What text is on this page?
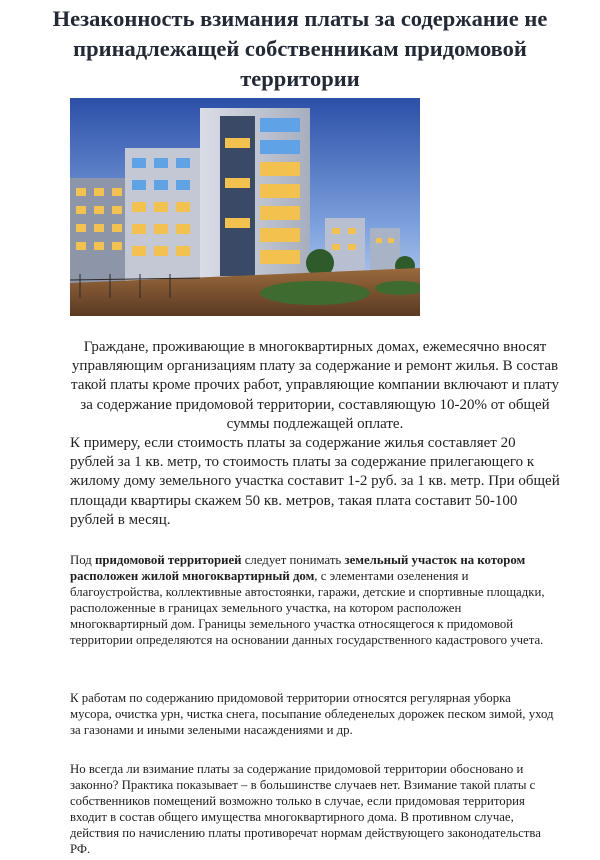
Незаконность взимания платы за содержание не принадлежащей собственникам придомовой территории

Граждане, проживающие в многоквартирных домах, ежемесячно вносят управляющим организациям плату за содержание и ремонт жилья. В состав такой платы кроме прочих работ, управляющие компании включают и плату за содержание придомовой территории, составляющую 10-20% от общей суммы подлежащей оплате.

К примеру, если стоимость платы за содержание жилья составляет 20 рублей за 1 кв. метр, то стоимость платы за содержание прилегающего к жилому дому земельного участка составит 1-2 руб. за 1 кв. метр. При общей площади квартиры скажем 50 кв. метров, такая плата составит 50-100 рублей в месяц.

Под придомовой территорией следует понимать земельный участок на котором расположен жилой многоквартирный дом, с элементами озеленения и благоустройства, коллективные автостоянки, гаражи, детские и спортивные площадки, расположенные в границах земельного участка, на котором расположен многоквартирный дом. Границы земельного участка относящегося к придомовой территории определяются на основании данных государственного кадастрового учета.

К работам по содержанию придомовой территории относятся регулярная уборка мусора, очистка урн, чистка снега, посыпание обледенелых дорожек песком зимой, уход за газонами и иными зелеными насаждениями и др.

Но всегда ли взимание платы за содержание придомовой территории обосновано и законно? Практика показывает – в большинстве случаев нет. Взимание такой платы с собственников помещений возможно только в случае, если придомовая территория входит в состав общего имущества многоквартирного дома. В противном случае, действия по начислению платы противоречат нормам действующего законодательства РФ.
